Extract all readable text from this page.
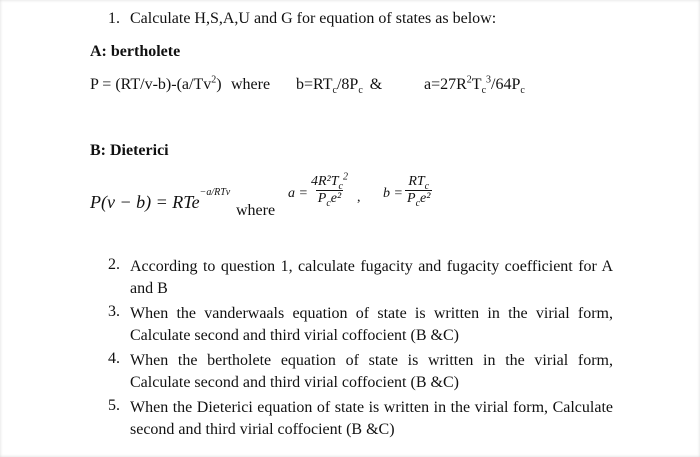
1. Calculate H,S,A,U and G for equation of states as below:
A: bertholete
$P = (RT/v-b)-(a/Tv^2)$ where $b=RT_c/8P_c$ &	$a=27R^2T_c^3/64P_c$
B: Dieterici
P(v − b) = RTe$^{-a/RTv}$
where
a =
$4R^2T_c^2$
$P_ce^2$ , b =
$RT_c$
$P_ce^2$
2. According to question 1, calculate fugacity and fugacity coefficient for A and B
3. When the vanderwaals equation of state is written in the virial form, Calculate second and third virial coffocient (B &C)
4. When the bertholete equation of state is written in the virial form, Calculate second and third virial coffocient (B &C)
5. When the Dieterici equation of state is written in the virial form, Calculate second and third virial coffocient (B &C)
